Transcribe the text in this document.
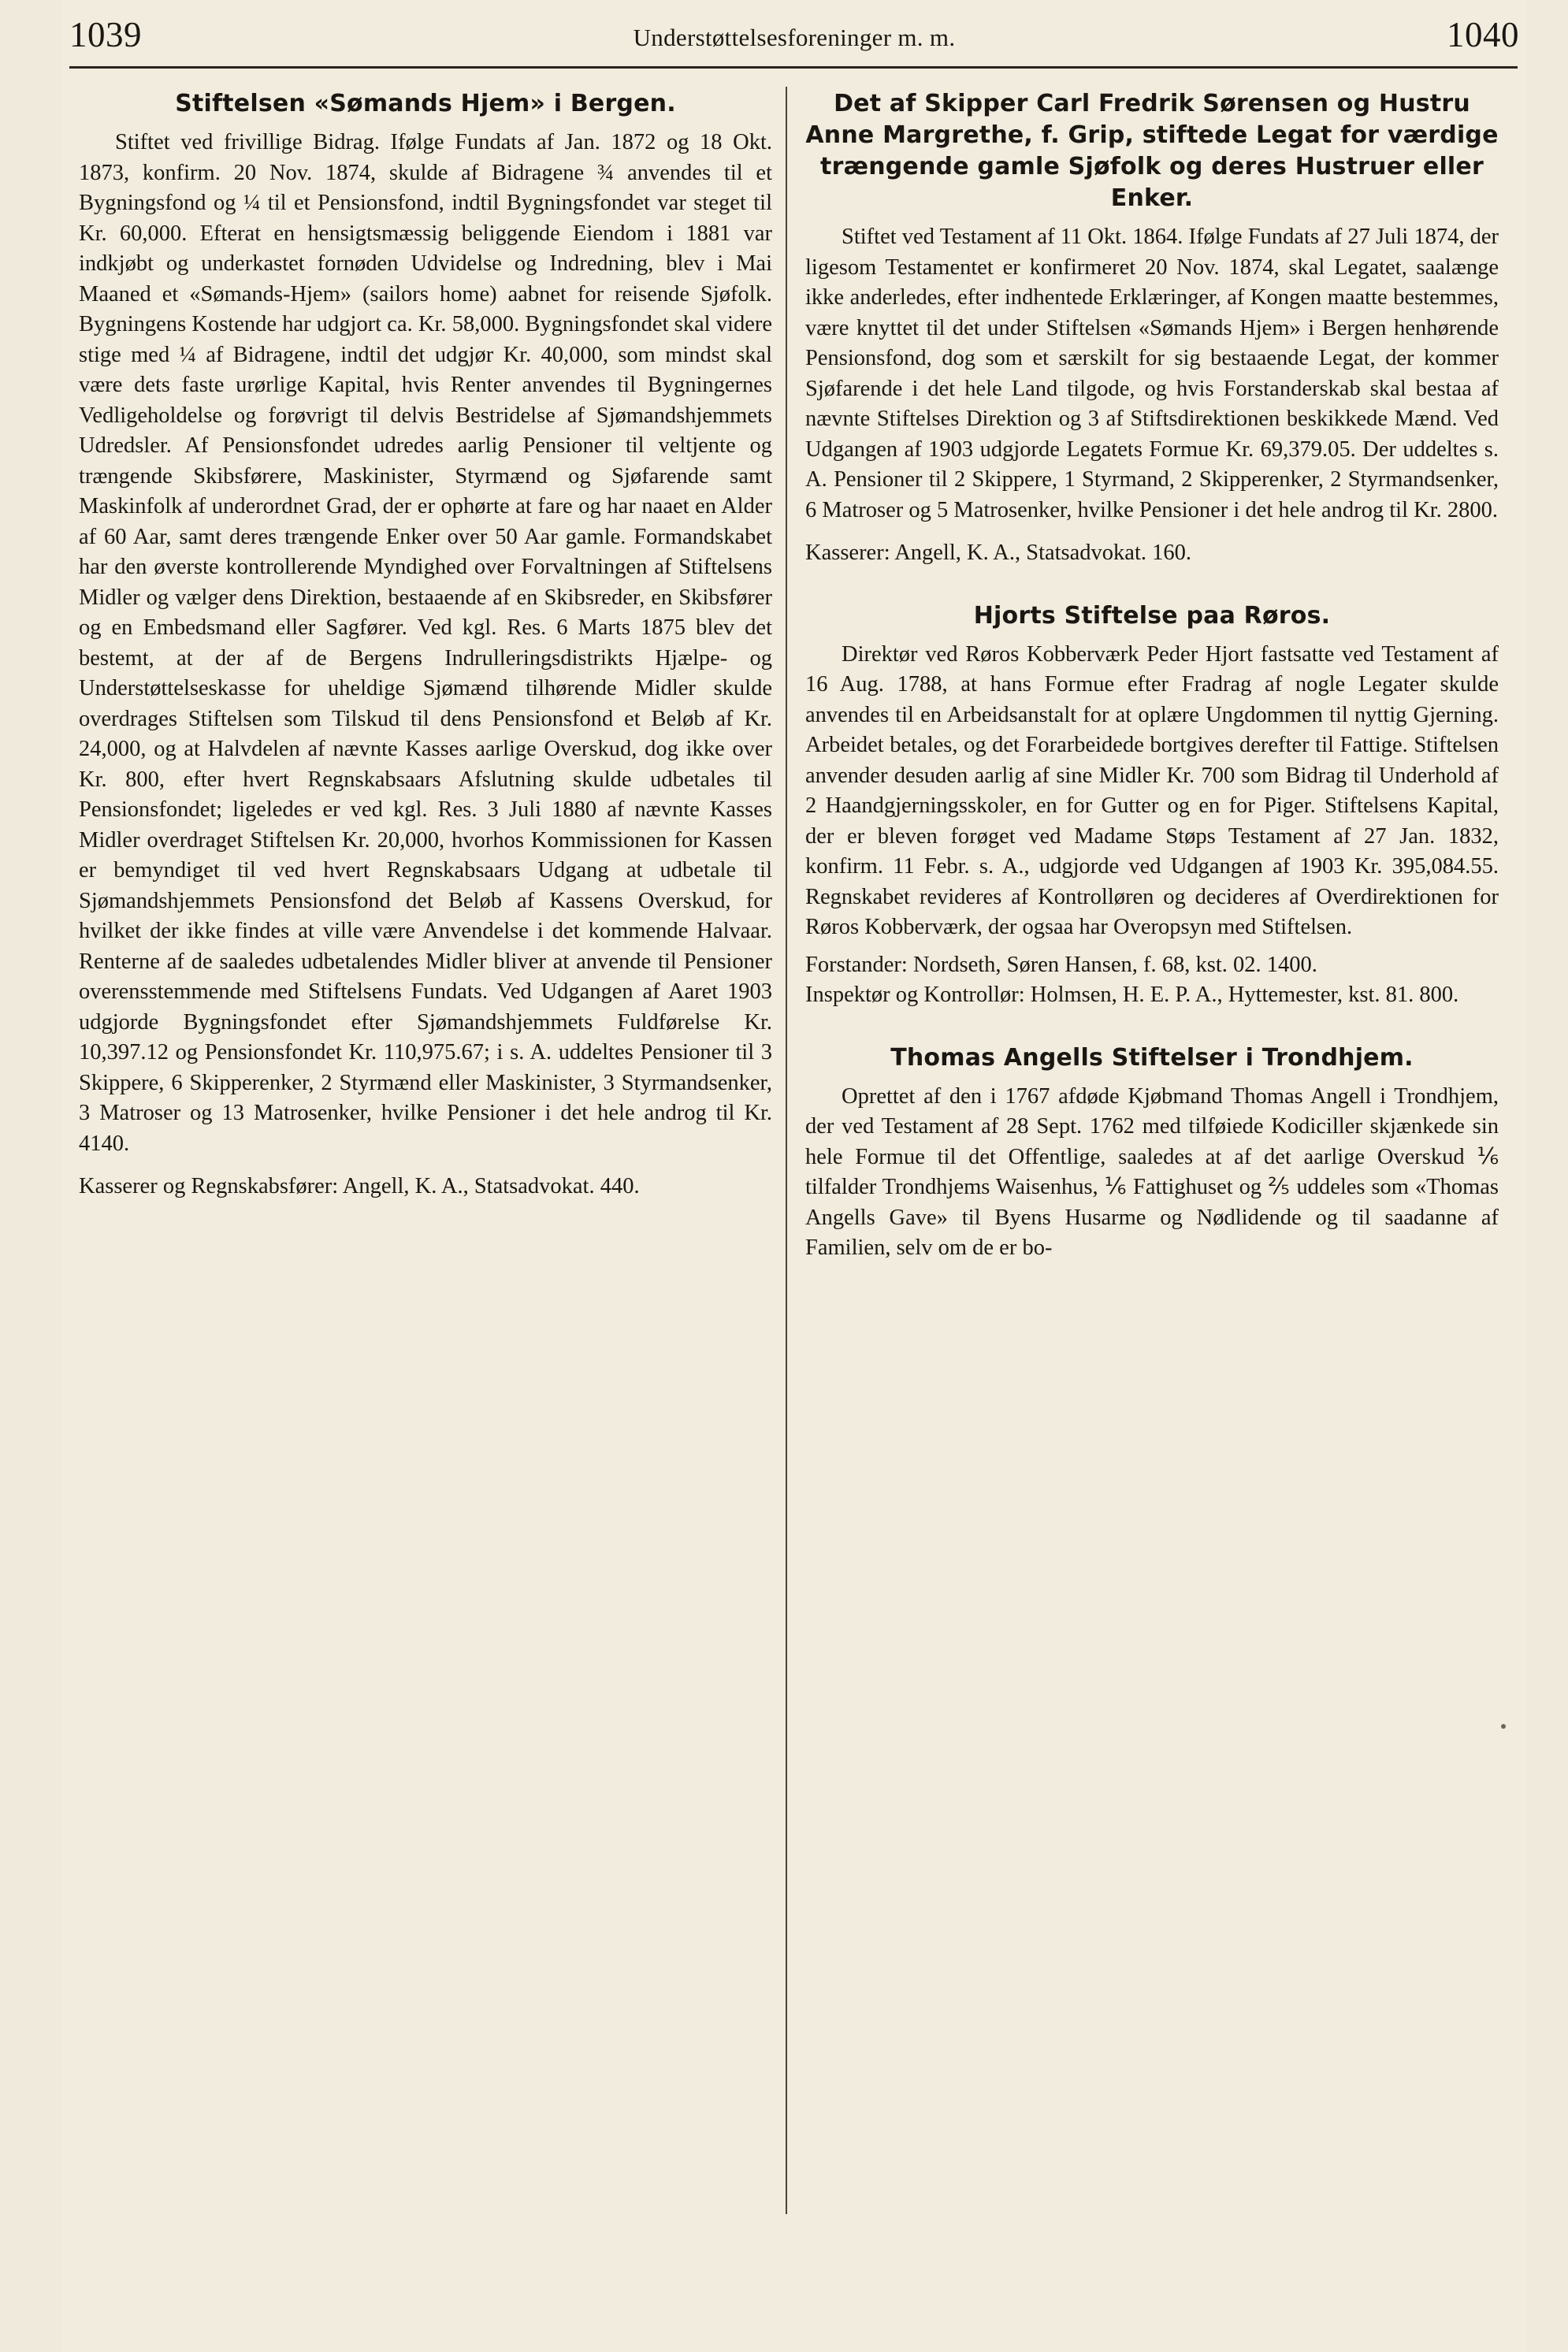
1039	Understøttelsesforeninger m. m.	1040
Stiftelsen «Sømands Hjem» i Bergen.

Stiftet ved frivillige Bidrag. Ifølge Fundats af Jan. 1872 og 18 Okt. 1873, konfirm. 20 Nov. 1874, skulde af Bidragene ¾ anvendes til et Bygningsfond og ¼ til et Pensionsfond, indtil Bygningsfondet var steget til Kr. 60,000. Efterat en hensigtsmæssig beliggende Eiendom i 1881 var indkjøbt og underkastet fornøden Udvidelse og Indredning, blev i Mai Maaned et «Sømands-Hjem» (sailors home) aabnet for reisende Sjøfolk. Bygningens Kostende har udgjort ca. Kr. 58,000. Bygningsfondet skal videre stige med ¼ af Bidragene, indtil det udgjør Kr. 40,000, som mindst skal være dets faste urørlige Kapital, hvis Renter anvendes til Bygningernes Vedligeholdelse og forøvrigt til delvis Bestridelse af Sjømandshjemmets Udredsler. Af Pensionsfondet udredes aarlig Pensioner til veltjente og trængende Skibsførere, Maskinister, Styrmænd og Sjøfarende samt Maskinfolk af underordnet Grad, der er ophørte at fare og har naaet en Alder af 60 Aar, samt deres trængende Enker over 50 Aar gamle. Formandskabet har den øverste kontrollerende Myndighed over Forvaltningen af Stiftelsens Midler og vælger dens Direktion, bestaaende af en Skibsreder, en Skibsfører og en Embedsmand eller Sagfører. Ved kgl. Res. 6 Marts 1875 blev det bestemt, at der af de Bergens Indrulleringsdistrikts Hjælpe- og Understøttelseskasse for uheldige Sjømænd tilhørende Midler skulde overdrages Stiftelsen som Tilskud til dens Pensionsfond et Beløb af Kr. 24,000, og at Halvdelen af nævnte Kasses aarlige Overskud, dog ikke over Kr. 800, efter hvert Regnskabsaars Afslutning skulde udbetales til Pensionsfondet; ligeledes er ved kgl. Res. 3 Juli 1880 af nævnte Kasses Midler overdraget Stiftelsen Kr. 20,000, hvorhos Kommissionen for Kassen er bemyndiget til ved hvert Regnskabsaars Udgang at udbetale til Sjømandshjemmets Pensionsfond det Beløb af Kassens Overskud, for hvilket der ikke findes at ville være Anvendelse i det kommende Halvaar. Renterne af de saaledes udbetalendes Midler bliver at anvende til Pensioner overensstemmende med Stiftelsens Fundats. Ved Udgangen af Aaret 1903 udgjorde Bygningsfondet efter Sjømandshjemmets Fuldførelse Kr. 10,397.12 og Pensionsfondet Kr. 110,975.67; i s. A. uddeltes Pensioner til 3 Skippere, 6 Skipperenker, 2 Styrmænd eller Maskinister, 3 Styrmandsenker, 3 Matroser og 13 Matrosenker, hvilke Pensioner i det hele androg til Kr. 4140.

Kasserer og Regnskabsfører: Angell, K. A., Statsadvokat. 440.

Det af Skipper Carl Fredrik Sørensen og Hustru Anne Margrethe, f. Grip, stiftede Legat for værdige trængende gamle Sjøfolk og deres Hustruer eller Enker.

Stiftet ved Testament af 11 Okt. 1864. Ifølge Fundats af 27 Juli 1874, der ligesom Testamentet er konfirmeret 20 Nov. 1874, skal Legatet, saalænge ikke anderledes, efter indhentede Erklæringer, af Kongen maatte bestemmes, være knyttet til det under Stiftelsen «Sømands Hjem» i Bergen henhørende Pensionsfond, dog som et særskilt for sig bestaaende Legat, der kommer Sjøfarende i det hele Land tilgode, og hvis Forstanderskab skal bestaa af nævnte Stiftelses Direktion og 3 af Stiftsdirektionen beskikkede Mænd. Ved Udgangen af 1903 udgjorde Legatets Formue Kr. 69,379.05. Der uddeltes s. A. Pensioner til 2 Skippere, 1 Styrmand, 2 Skipperenker, 2 Styrmandsenker, 6 Matroser og 5 Matrosenker, hvilke Pensioner i det hele androg til Kr. 2800.

Kasserer: Angell, K. A., Statsadvokat. 160.

Hjorts Stiftelse paa Røros.

Direktør ved Røros Kobberværk Peder Hjort fastsatte ved Testament af 16 Aug. 1788, at hans Formue efter Fradrag af nogle Legater skulde anvendes til en Arbeidsanstalt for at oplære Ungdommen til nyttig Gjerning. Arbeidet betales, og det Forarbeidede bortgives derefter til Fattige. Stiftelsen anvender desuden aarlig af sine Midler Kr. 700 som Bidrag til Underhold af 2 Haandgjerningsskoler, en for Gutter og en for Piger. Stiftelsens Kapital, der er bleven forøget ved Madame Støps Testament af 27 Jan. 1832, konfirm. 11 Febr. s. A., udgjorde ved Udgangen af 1903 Kr. 395,084.55. Regnskabet revideres af Kontrolløren og decideres af Overdirektionen for Røros Kobberværk, der ogsaa har Overopsyn med Stiftelsen.

Forstander: Nordseth, Søren Hansen, f. 68, kst. 02. 1400.

Inspektør og Kontrollør: Holmsen, H. E. P. A., Hyttemester, kst. 81. 800.

Thomas Angells Stiftelser i Trondhjem.

Oprettet af den i 1767 afdøde Kjøbmand Thomas Angell i Trondhjem, der ved Testament af 28 Sept. 1762 med tilføiede Kodiciller skjænkede sin hele Formue til det Offentlige, saaledes at af det aarlige Overskud ⅙ tilfalder Trondhjems Waisenhus, ⅙ Fattighuset og ⅖ uddeles som «Thomas Angells Gave» til Byens Husarme og Nødlidende og til saadanne af Familien, selv om de er bo-
